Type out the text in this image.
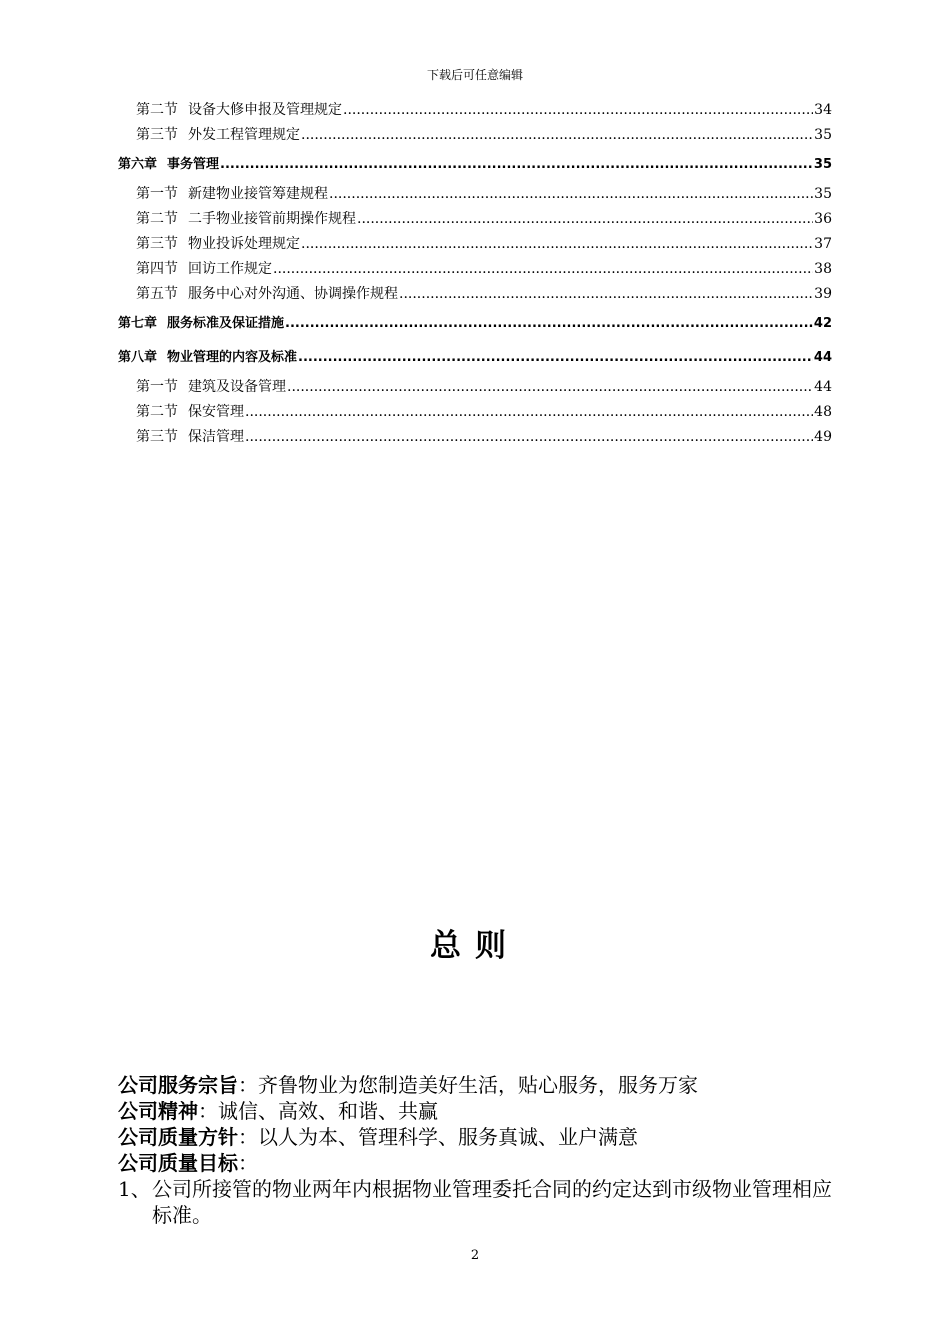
下载后可任意编辑
第二节 设备大修申报及管理规定 .....	34
第三节 外发工程管理规定 .....	35
第六章 事务管理 .....	35
第一节 新建物业接管筹建规程 .....	35
第二节 二手物业接管前期操作规程 .....	36
第三节 物业投诉处理规定 .....	37
第四节 回访工作规定 .....	38
第五节 服务中心对外沟通、协调操作规程 .....	39
第七章 服务标准及保证措施 .....	42
第八章 物业管理的内容及标准 .....	44
第一节 建筑及设备管理 .....	44
第二节 保安管理 .....	48
第三节 保洁管理 .....	49
总则
公司服务宗旨：齐鲁物业为您制造美好生活，贴心服务，服务万家
公司精神：诚信、高效、和谐、共赢
公司质量方针：以人为本、管理科学、服务真诚、业户满意
公司质量目标：
1、 公司所接管的物业两年内根据物业管理委托合同的约定达到市级物业管理相应标准。
2
